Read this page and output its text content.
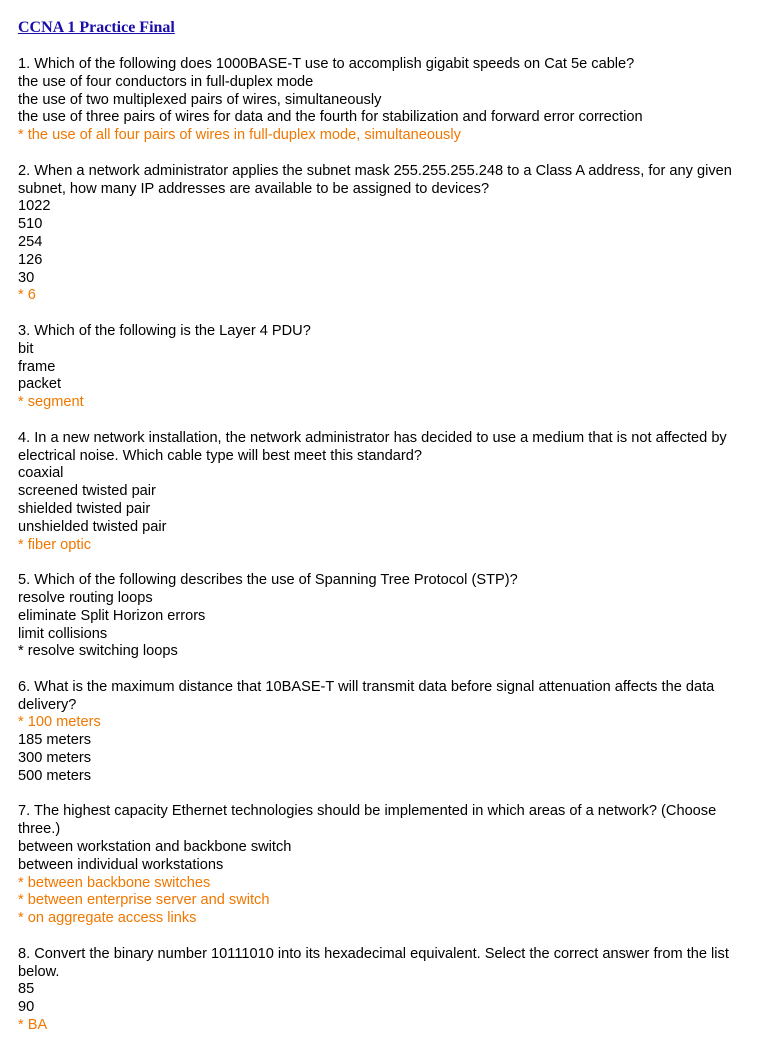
CCNA 1 Practice Final
1. Which of the following does 1000BASE-T use to accomplish gigabit speeds on Cat 5e cable?
the use of four conductors in full-duplex mode
the use of two multiplexed pairs of wires, simultaneously
the use of three pairs of wires for data and the fourth for stabilization and forward error correction
* the use of all four pairs of wires in full-duplex mode, simultaneously
2. When a network administrator applies the subnet mask 255.255.255.248 to a Class A address, for any given subnet, how many IP addresses are available to be assigned to devices?
1022
510
254
126
30
* 6
3. Which of the following is the Layer 4 PDU?
bit
frame
packet
* segment
4. In a new network installation, the network administrator has decided to use a medium that is not affected by electrical noise. Which cable type will best meet this standard?
coaxial
screened twisted pair
shielded twisted pair
unshielded twisted pair
* fiber optic
5. Which of the following describes the use of Spanning Tree Protocol (STP)?
resolve routing loops
eliminate Split Horizon errors
limit collisions
* resolve switching loops
6. What is the maximum distance that 10BASE-T will transmit data before signal attenuation affects the data delivery?
* 100 meters
185 meters
300 meters
500 meters
7. The highest capacity Ethernet technologies should be implemented in which areas of a network? (Choose three.)
between workstation and backbone switch
between individual workstations
* between backbone switches
* between enterprise server and switch
* on aggregate access links
8. Convert the binary number 10111010 into its hexadecimal equivalent. Select the correct answer from the list below.
85
90
* BA
